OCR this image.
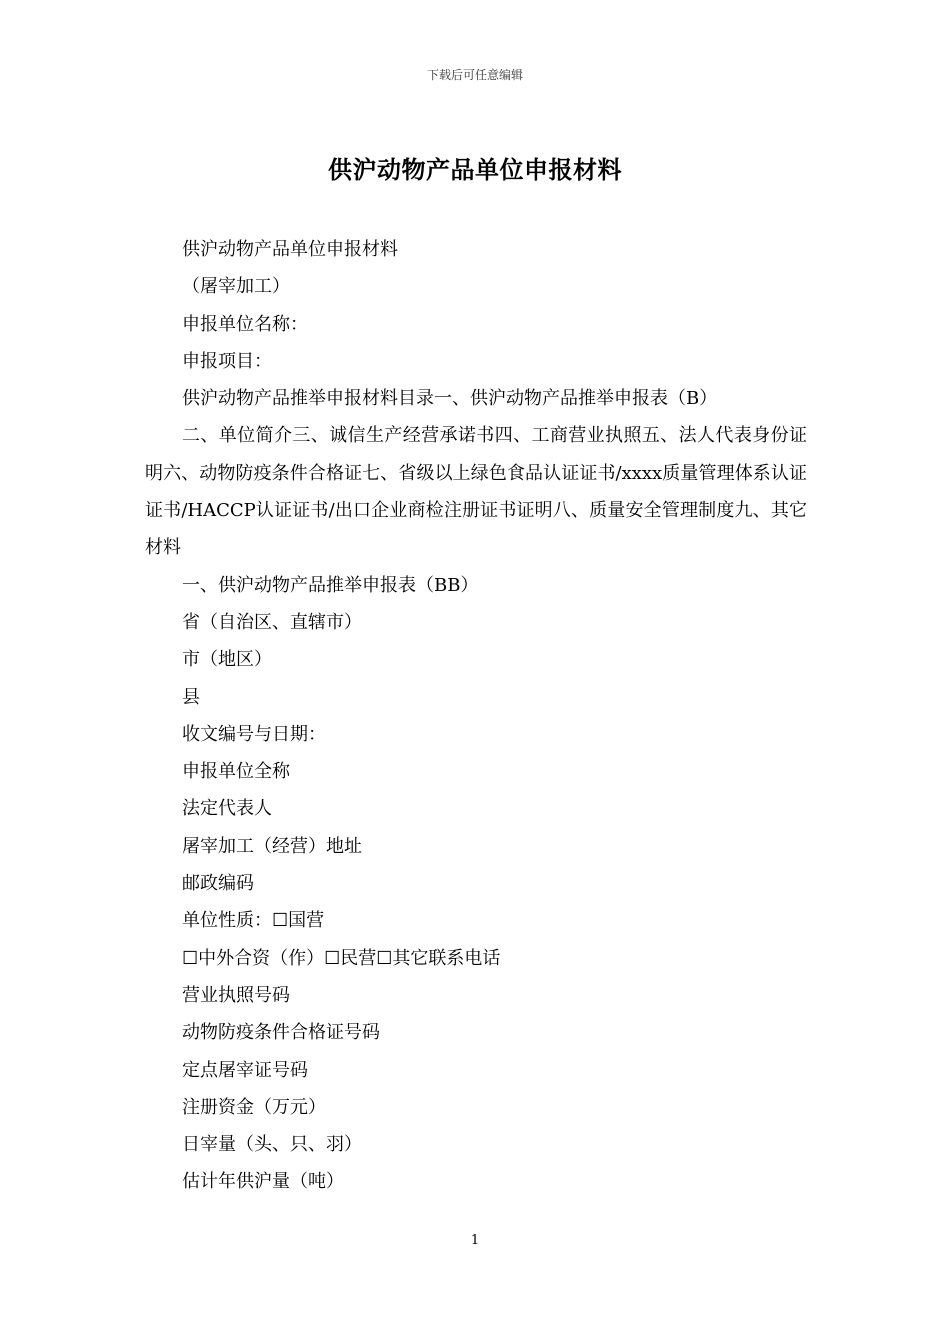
下载后可任意编辑
供沪动物产品单位申报材料

供沪动物产品单位申报材料

（屠宰加工）

申报单位名称：

申报项目：

供沪动物产品推举申报材料目录一、供沪动物产品推举申报表（B）

二、单位简介三、诚信生产经营承诺书四、工商营业执照五、法人代表身份证明六、动物防疫条件合格证七、省级以上绿色食品认证证书/xxxx质量管理体系认证证书/HACCP认证证书/出口企业商检注册证书证明八、质量安全管理制度九、其它材料

一、供沪动物产品推举申报表（BB）

省（自治区、直辖市）

市（地区）

县

收文编号与日期：

申报单位全称

法定代表人

屠宰加工（经营）地址

邮政编码

单位性质：☐国营

☐中外合资（作）☐民营☐其它联系电话

营业执照号码

动物防疫条件合格证号码

定点屠宰证号码

注册资金（万元）

日宰量（头、只、羽）

估计年供沪量（吨）

1
